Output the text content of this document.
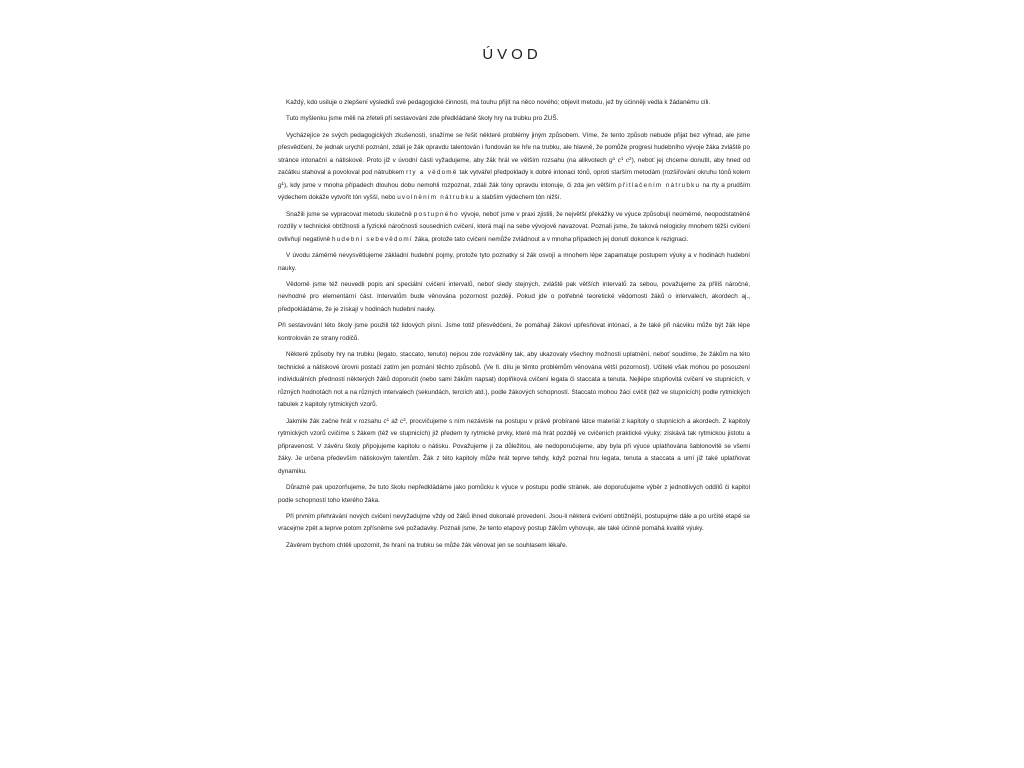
ÚVOD

Každý, kdo usiluje o zlepšení výsledků své pedagogické činnosti, má touhu přijít na něco nového; objevit metodu, jež by účinněji vedla k žádanému cíli.

Tuto myšlenku jsme měli na zřeteli při sestavování zde předkládané školy hry na trubku pro ZUŠ.

Vycházejíce ze svých pedagogických zkušeností, snažíme se řešit některé problémy jiným způsobem. Víme, že tento způsob nebude přijat bez výhrad, ale jsme přesvědčeni, že jednak urychlí poznání, zdali je žák opravdu talentován i fundován ke hře na trubku, ale hlavně, že pomůže progresi hudebního vývoje žáka zvláště po stránce intonační a nátiskové. Proto již v úvodní části vyžadujeme, aby žák hrál ve větším rozsahu (na alikvotech $g^1$ $c^1$ $c^2$), neboť jej chceme donutit, aby hned od začátku stahoval a povoloval pod nátrubkem rty a vědomě tak vytvářel předpoklady k dobré intonaci tónů, oproti starším metodám (rozšiřování okruhu tónů kolem $g^1$), kdy jsme v mnoha případech dlouhou dobu nemohli rozpoznat, zdali žák tóny opravdu intonuje, či zda jen větším přitlačením nátrubku na rty a prudším výdechem dokáže vytvořit tón vyšší, nebo uvolněním nátrubku a slabším výdechem tón nižší.

Snažili jsme se vypracovat metodu skutečně postupného vývoje, neboť jsme v praxi zjistili, že největší překážky ve výuce způsobují neúměrné, neopodstatněné rozdíly v technické obtížnosti a fyzické náročnosti sousedních cvičení, která mají na sebe vývojově navazovat. Poznali jsme, že taková nelogicky mnohem těžší cvičení ovlivňují negativně hudební sebevědomí žáka, protože tato cvičení nemůže zvládnout a v mnoha případech jej donutí dokonce k rezignaci.

V úvodu záměrně nevysvětlujeme základní hudební pojmy, protože tyto poznatky si žák osvojí a mnohem lépe zapamatuje postupem výuky a v hodinách hudební nauky.

Vědomě jsme též neuvedli popis ani speciální cvičení intervalů, neboť sledy stejných, zvláště pak větších intervalů za sebou, považujeme za příliš náročné, nevhodné pro elementární část. Intervalům bude věnována pozornost později. Pokud jde o potřebné teoretické vědomosti žáků o intervalech, akordech aj., předpokládáme, že je získají v hodinách hudební nauky.

Při sestavování této školy jsme použili též lidových písní. Jsme totiž přesvědčeni, že pomáhají žákovi upřesňovat intonaci, a že také při nácviku může být žák lépe kontrolován ze strany rodičů.

Některé způsoby hry na trubku (legato, staccato, tenuto) nejsou zde rozváděny tak, aby ukazovaly všechny možnosti uplatnění, neboť soudíme, že žákům na této technické a nátiskové úrovni postačí zatím jen poznání těchto způsobů. (Ve II. dílu je těmto problémům věnována větší pozornost). Učitelé však mohou po posouzení individuálních předností některých žáků doporučit (nebo sami žákům napsat) doplňková cvičení legata či staccata a tenuta. Nejlépe stupňovitá cvičení ve stupnicích, v různých hodnotách not a na různých intervalech (sekundách, terciích atd.), podle žákových schopností. Staccato mohou žáci cvičit (též ve stupnicích) podle rytmických tabulek z kapitoly rytmických vzorů.

Jakmile žák začne hrát v rozsahu $c^1$ až $c^2$, procvičujeme s ním nezávisle na postupu v právě probírané látce materiál z kapitoly o stupnicích a akordech. Z kapitoly rytmických vzorů cvičíme s žákem (též ve stupnicích) již předem ty rytmické prvky, které má hrát později ve cvičeních praktické výuky; získává tak rytmickou jistotu a připravenost. V závěru školy připojujeme kapitolu o nátisku. Považujeme ji za důležitou, ale nedoporučujeme, aby byla při výuce uplatňována šablonovitě se všemi žáky. Je určena především nátiskovým talentům. Žák z této kapitoly může hrát teprve tehdy, když poznal hru legata, tenuta a staccata a umí již také uplatňovat dynamiku.

Důrazně pak upozorňujeme, že tuto školu nepředkládáme jako pomůcku k výuce v postupu podle stránek, ale doporučujeme výběr z jednotlivých oddílů či kapitol podle schopností toho kterého žáka.

Při prvním přehrávání nových cvičení nevyžadujme vždy od žáků ihned dokonalé provedení. Jsou-li některá cvičení obtížnější, postupujme dále a po určité etapě se vracejme zpět a teprve potom zpřísněme své požadavky. Poznali jsme, že tento etapový postup žákům vyhovuje, ale také účinně pomáhá kvalitě výuky.

Závěrem bychom chtěli upozornit, že hraní na trubku se může žák věnovat jen se souhlasem lékaře.
